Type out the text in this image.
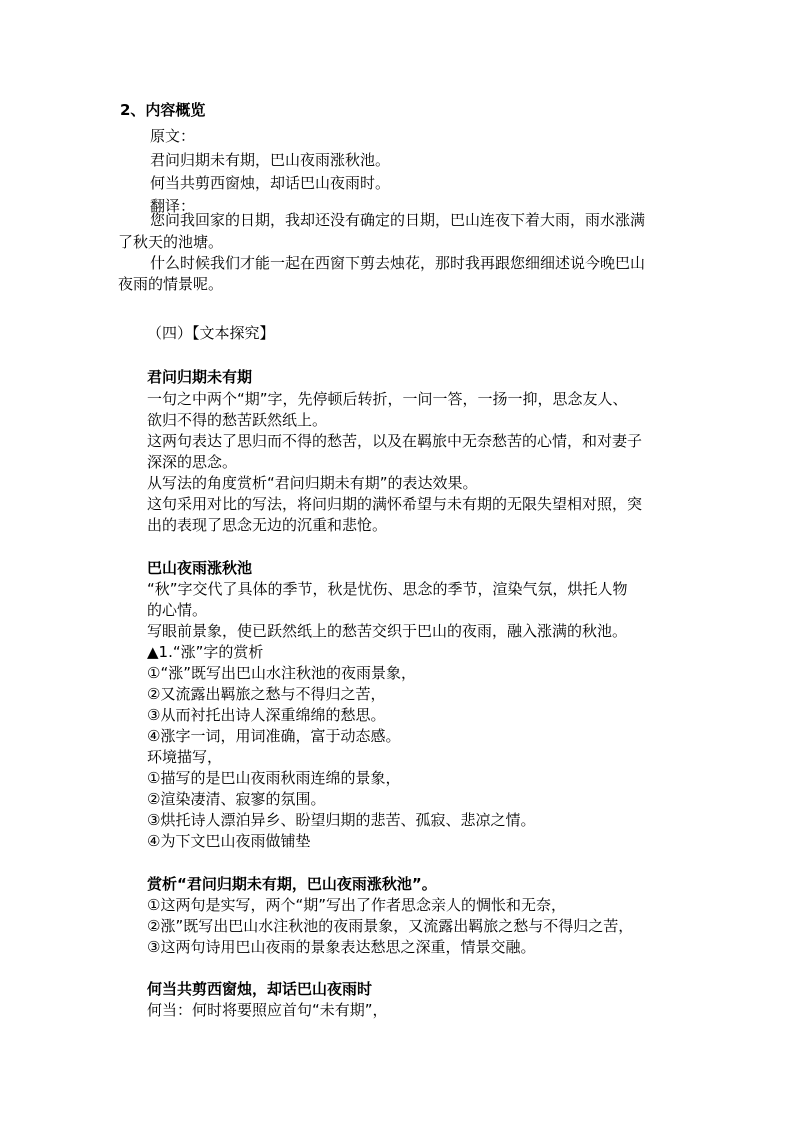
2、内容概览
原文：
君问归期未有期，巴山夜雨涨秋池。
何当共剪西窗烛，却话巴山夜雨时。
翻译：
您问我回家的日期，我却还没有确定的日期，巴山连夜下着大雨，雨水涨满
了秋天的池塘。
什么时候我们才能一起在西窗下剪去烛花，那时我再跟您细细述说今晚巴山
夜雨的情景呢。
（四）【文本探究】
君问归期未有期
一句之中两个“期”字，先停顿后转折，一问一答，一扬一抑，思念友人、
欲归不得的愁苦跃然纸上。
这两句表达了思归而不得的愁苦，以及在羁旅中无奈愁苦的心情，和对妻子
深深的思念。
从写法的角度赏析“君问归期未有期”的表达效果。
这句采用对比的写法，将问归期的满怀希望与未有期的无限失望相对照，突
出的表现了思念无边的沉重和悲怆。
巴山夜雨涨秋池
“秋”字交代了具体的季节，秋是忧伤、思念的季节，渲染气氛，烘托人物
的心情。
写眼前景象，使已跃然纸上的愁苦交织于巴山的夜雨，融入涨满的秋池。
▲1.“涨”字的赏析
①“涨”既写出巴山水注秋池的夜雨景象，
②又流露出羁旅之愁与不得归之苦，
③从而衬托出诗人深重绵绵的愁思。
④涨字一词，用词准确，富于动态感。
环境描写，
①描写的是巴山夜雨秋雨连绵的景象，
②渲染凄清、寂寥的氛围。
③烘托诗人漂泊异乡、盼望归期的悲苦、孤寂、悲凉之情。
④为下文巴山夜雨做铺垫
赏析“君问归期未有期，巴山夜雨涨秋池”。
①这两句是实写，两个“期”写出了作者思念亲人的惆怅和无奈，
②涨”既写出巴山水注秋池的夜雨景象，又流露出羁旅之愁与不得归之苦，
③这两句诗用巴山夜雨的景象表达愁思之深重，情景交融。
何当共剪西窗烛，却话巴山夜雨时
何当：何时将要照应首句“未有期”，
